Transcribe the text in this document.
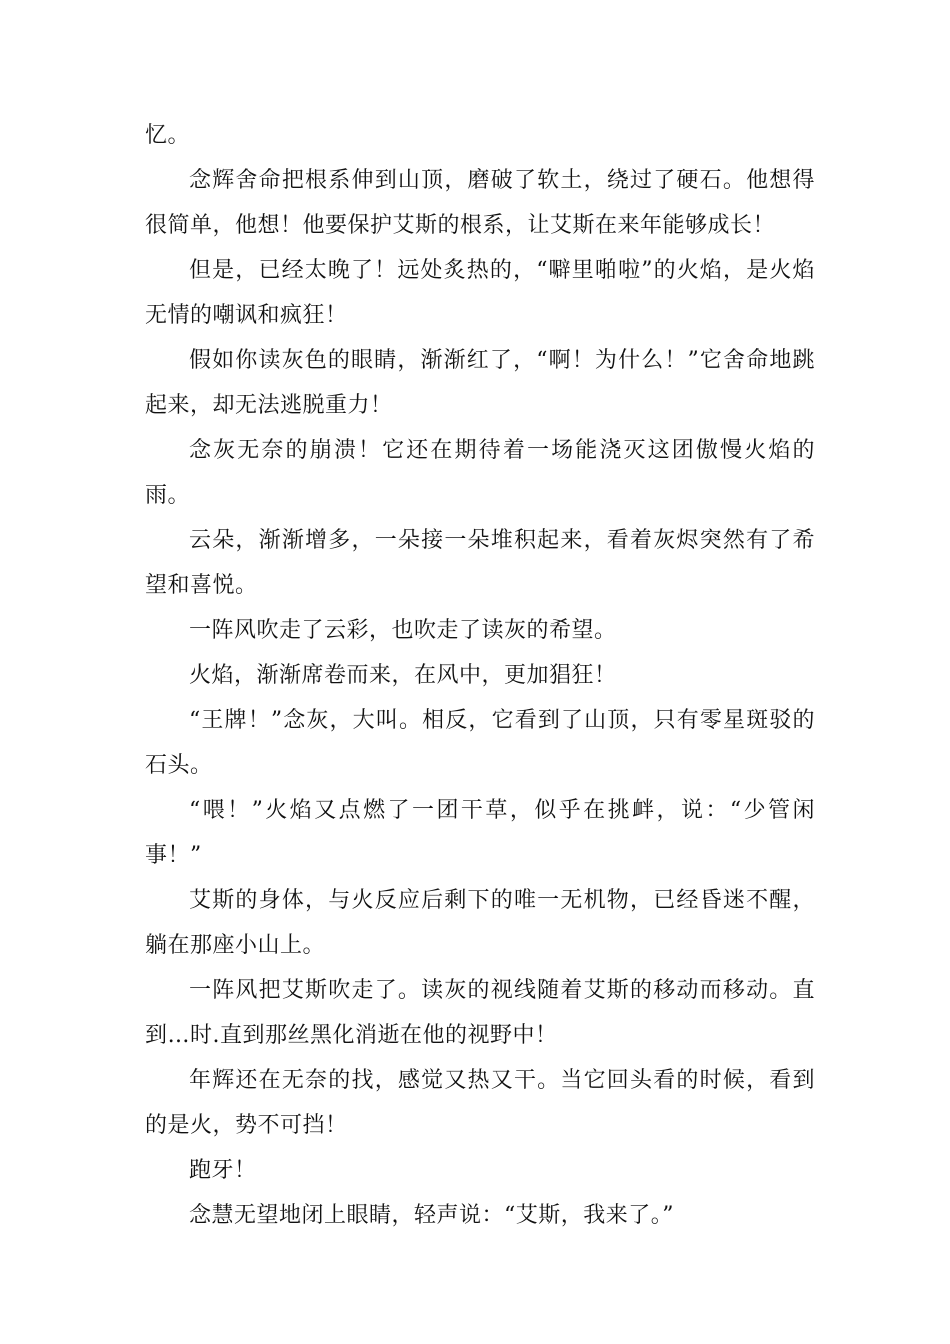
忆。

念辉舍命把根系伸到山顶，磨破了软土，绕过了硬石。他想得很简单，他想！他要保护艾斯的根系，让艾斯在来年能够成长！

但是，已经太晚了！远处炙热的，“噼里啪啦”的火焰，是火焰无情的嘲讽和疯狂！

假如你读灰色的眼睛，渐渐红了，“啊！为什么！”它舍命地跳起来，却无法逃脱重力！

念灰无奈的崩溃！它还在期待着一场能浇灭这团傲慢火焰的雨。

云朵，渐渐增多，一朵接一朵堆积起来，看着灰烬突然有了希望和喜悦。

一阵风吹走了云彩，也吹走了读灰的希望。

火焰，渐渐席卷而来，在风中，更加猖狂！

“王牌！”念灰，大叫。相反，它看到了山顶，只有零星斑驳的石头。

“喂！”火焰又点燃了一团干草，似乎在挑衅，说：“少管闲事！”

艾斯的身体，与火反应后剩下的唯一无机物，已经昏迷不醒，躺在那座小山上。

一阵风把艾斯吹走了。读灰的视线随着艾斯的移动而移动。直到…时.直到那丝黑化消逝在他的视野中！

年辉还在无奈的找，感觉又热又干。当它回头看的时候，看到的是火，势不可挡！

跑牙！

念慧无望地闭上眼睛，轻声说：“艾斯，我来了。”
